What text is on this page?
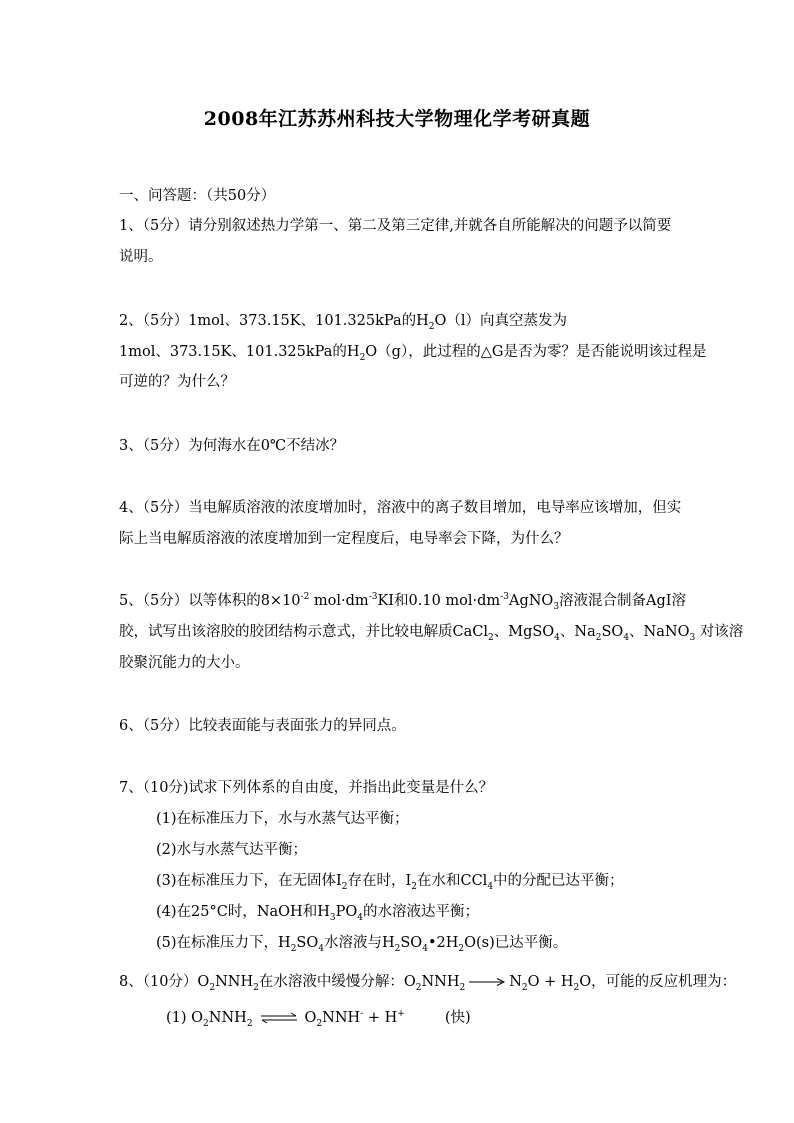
2008年江苏苏州科技大学物理化学考研真题
一、问答题：（共50分）
1、（5分）请分别叙述热力学第一、第二及第三定律,并就各自所能解决的问题予以简要
说明。
2、（5分）1mol、373.15K、101.325kPa的$H_2O(l)$向真空蒸发为
1mol、373.15K、101.325kPa的$H_2O(g)$，此过程的△G是否为零？是否能说明该过程是
可逆的？为什么？
3、（5分）为何海水在0℃不结冰？
4、（5分）当电解质溶液的浓度增加时，溶液中的离子数目增加，电导率应该增加，但实
际上当电解质溶液的浓度增加到一定程度后，电导率会下降，为什么？
5、（5分）以等体积的$8\times 10^{-2}$ $mol\cdot dm^{-3}KI$和0.10 $mol\cdot dm^{-3}AgNO_3$溶液混合制备AgI溶
胶，试写出该溶胶的胶团结构示意式，并比较电解质CaCl$_2$、MgSO$_4$、$Na_2SO_4$、NaNO$_3$ 对该溶
胶聚沉能力的大小。
6、（5分）比较表面能与表面张力的异同点。
7、（10分)试求下列体系的自由度，并指出此变量是什么？
(1)在标准压力下，水与水蒸气达平衡；
(2)水与水蒸气达平衡；
(3)在标准压力下，在无固体$I_2$存在时，$I_2$在水和CCl$_4$中的分配已达平衡；
(4)在25°C时，NaOH和$H_3PO_4$的水溶液达平衡；
(5)在标准压力下，$H_2SO_4$水溶液与$H_2SO_4•2H_2O(s)$已达平衡。
8、（10分）$O_2NNH_2$在水溶液中缓慢分解：$O_2NNH_2 \to N_2O + H_2O$，可能的反应机理为：
(1) $O_2NNH_2$ ⇌ $O_2NNH^- + H^+$	(快)
